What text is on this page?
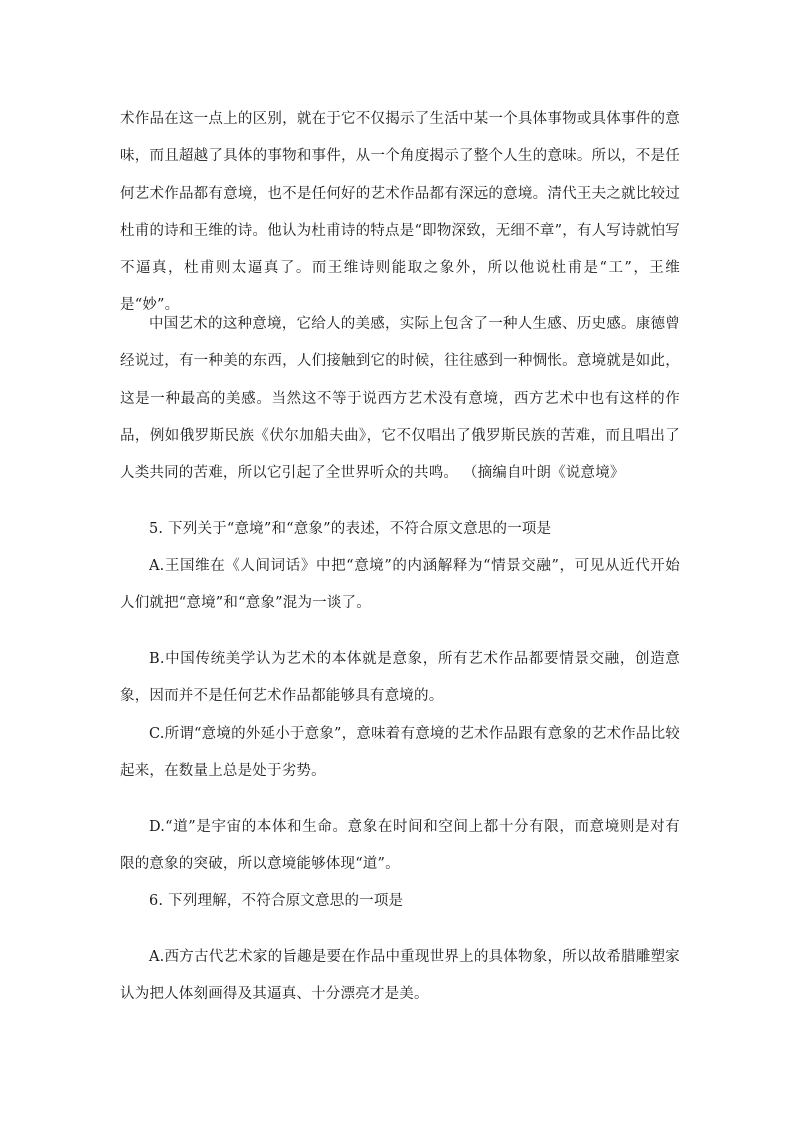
术作品在这一点上的区别，就在于它不仅揭示了生活中某一个具体事物或具体事件的意味，而且超越了具体的事物和事件，从一个角度揭示了整个人生的意味。所以，不是任何艺术作品都有意境，也不是任何好的艺术作品都有深远的意境。清代王夫之就比较过杜甫的诗和王维的诗。他认为杜甫诗的特点是“即物深致，无细不章”，有人写诗就怕写不逼真，杜甫则太逼真了。而王维诗则能取之象外，所以他说杜甫是“工”，王维是“妙”。

中国艺术的这种意境，它给人的美感，实际上包含了一种人生感、历史感。康德曾经说过，有一种美的东西，人们接触到它的时候，往往感到一种惆怅。意境就是如此，这是一种最高的美感。当然这不等于说西方艺术没有意境，西方艺术中也有这样的作品，例如俄罗斯民族《伏尔加船夫曲》，它不仅唱出了俄罗斯民族的苦难，而且唱出了人类共同的苦难，所以它引起了全世界听众的共鸣。 （摘编自叶朗《说意境》

5. 下列关于“意境”和“意象”的表述，不符合原文意思的一项是

A.王国维在《人间词话》中把“意境”的内涵解释为“情景交融”，可见从近代开始人们就把“意境”和“意象”混为一谈了。

B.中国传统美学认为艺术的本体就是意象，所有艺术作品都要情景交融，创造意象，因而并不是任何艺术作品都能够具有意境的。

C.所谓“意境的外延小于意象”，意味着有意境的艺术作品跟有意象的艺术作品比较起来，在数量上总是处于劣势。

D.“道”是宇宙的本体和生命。意象在时间和空间上都十分有限，而意境则是对有限的意象的突破，所以意境能够体现“道”。

6. 下列理解，不符合原文意思的一项是

A.西方古代艺术家的旨趣是要在作品中重现世界上的具体物象，所以故希腊雕塑家认为把人体刻画得及其逼真、十分漂亮才是美。
